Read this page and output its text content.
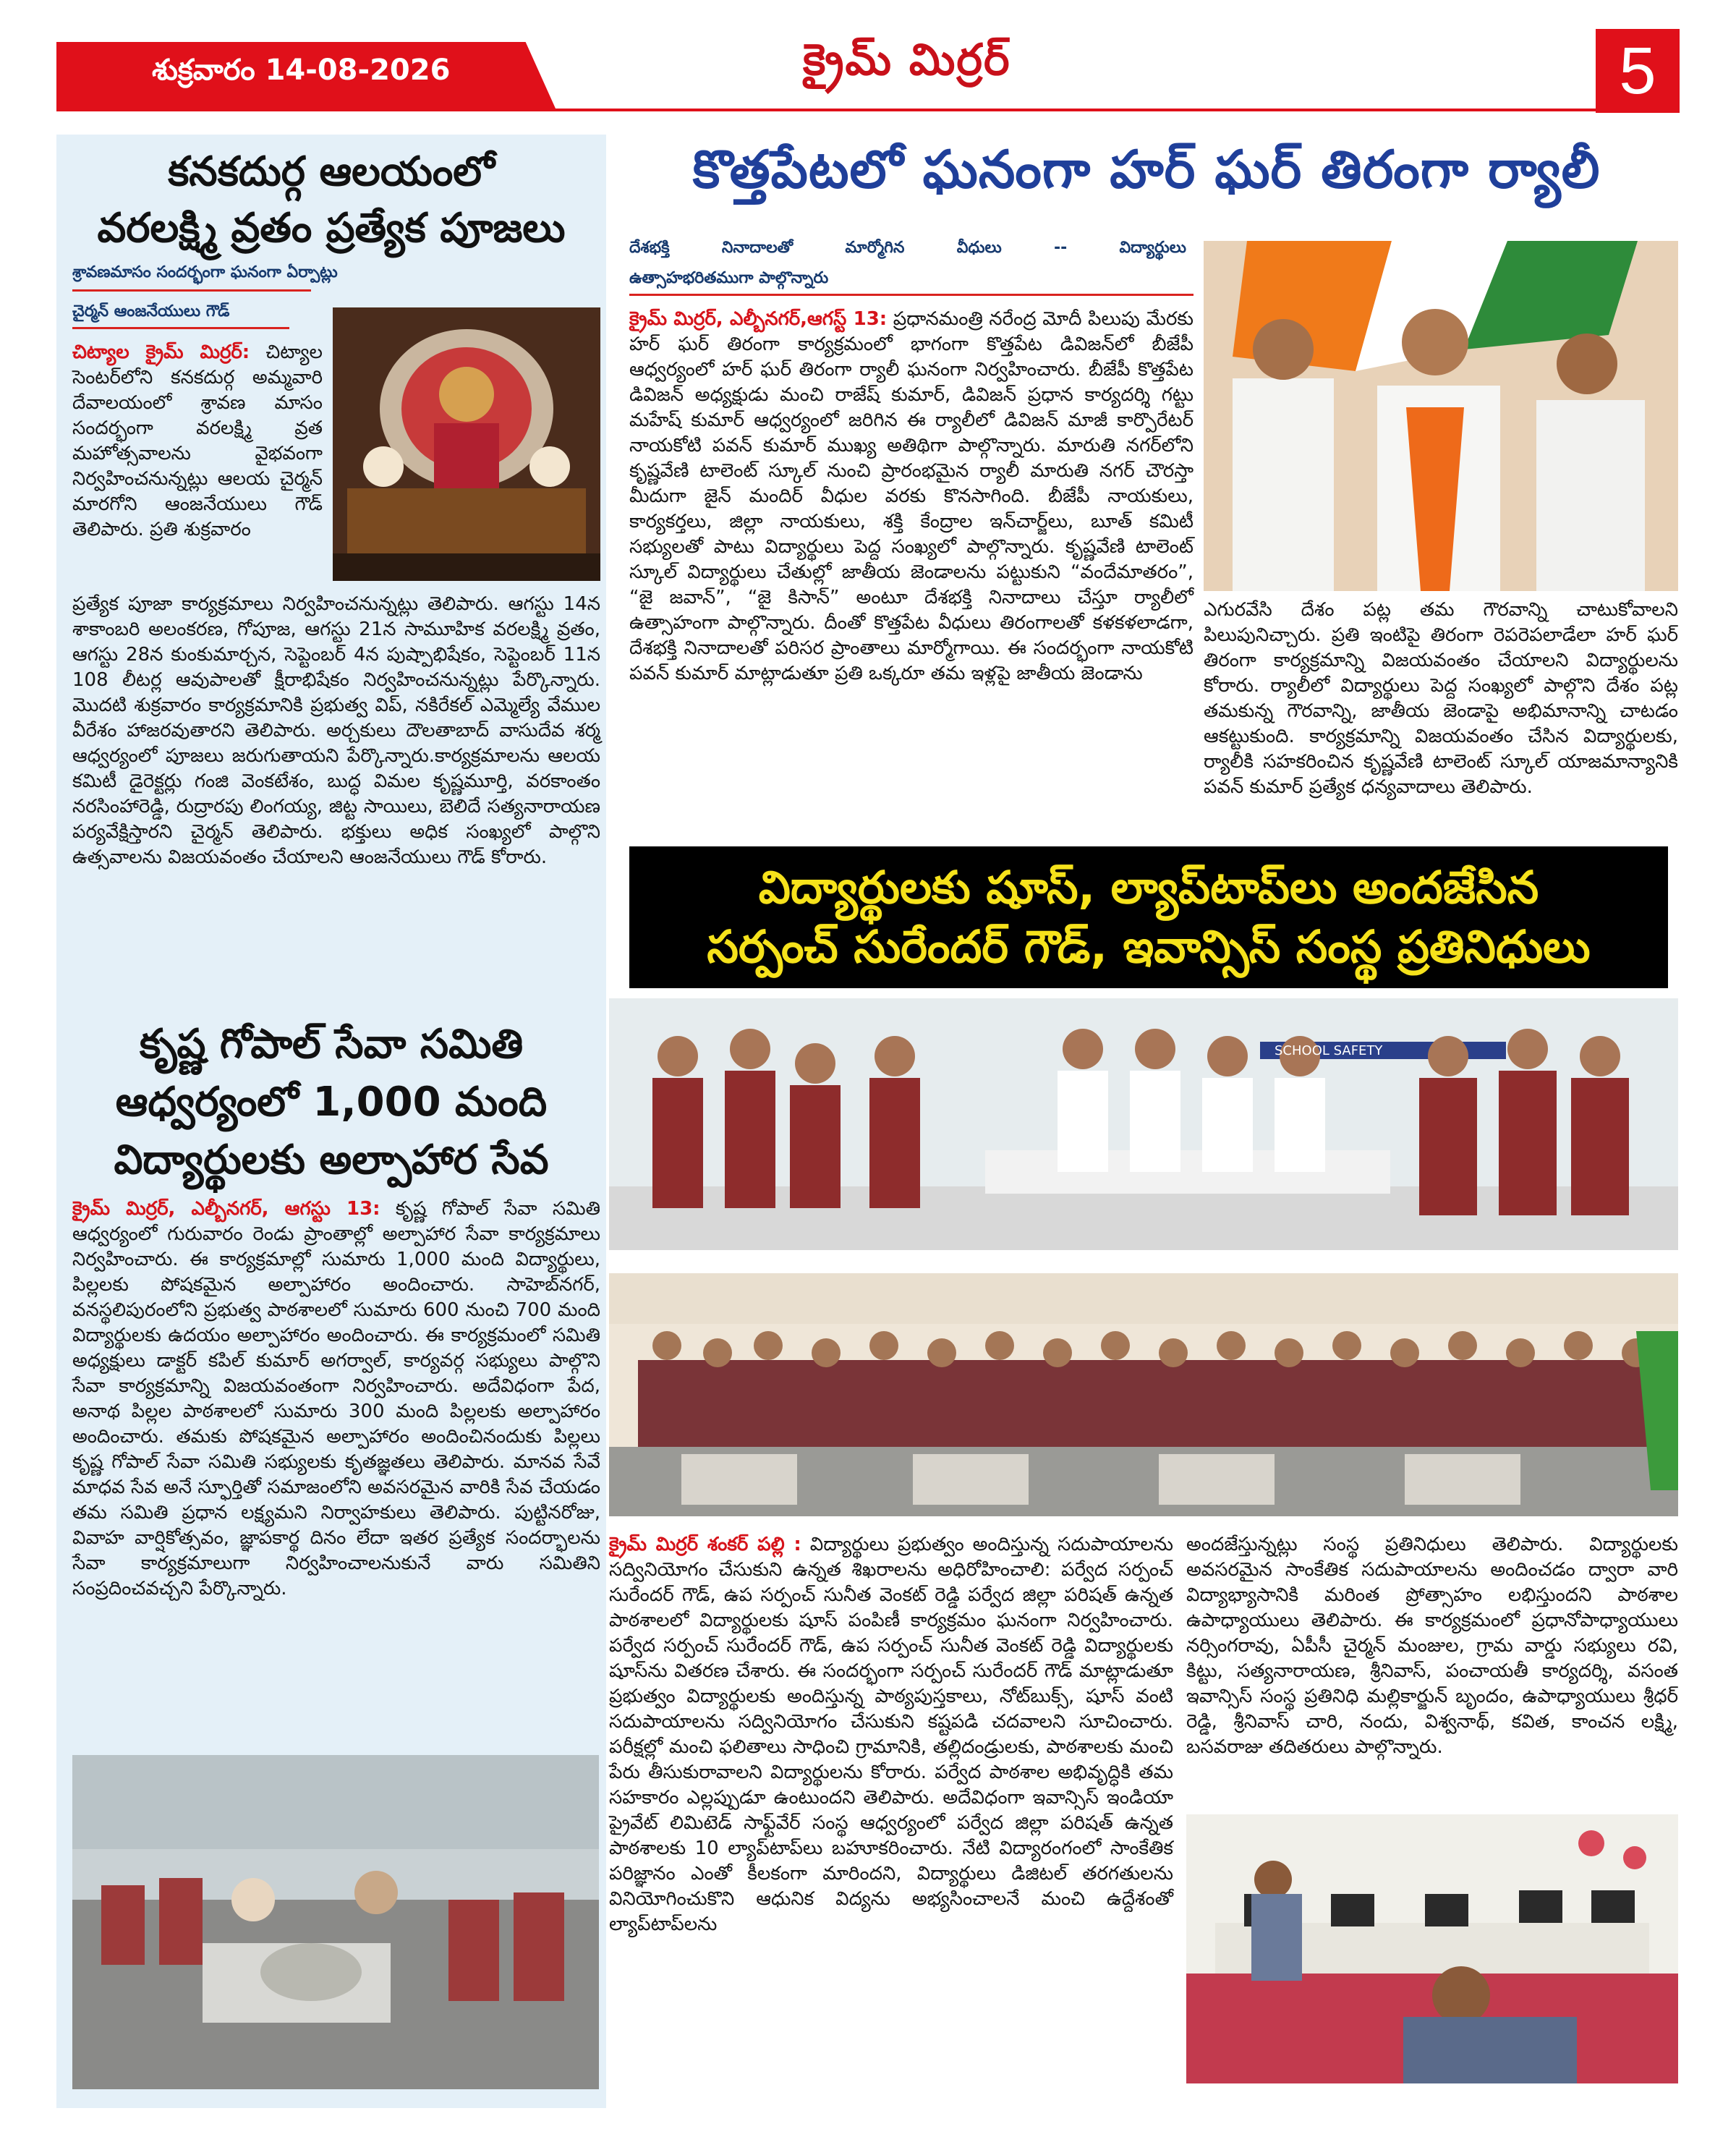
శుక్రవారం 14-08-2026	క్రైమ్ మిర్రర్	5
కనకదుర్గ ఆలయంలో
వరలక్ష్మి వ్రతం ప్రత్యేక పూజలు
శ్రావణమాసం సందర్భంగా ఘనంగా ఏర్పాట్లు
చైర్మన్ ఆంజనేయులు గౌడ్
చిట్యాల క్రైమ్ మిర్రర్: చిట్యాల సెంటర్‌లోని కనకదుర్గ అమ్మవారి దేవాలయంలో శ్రావణ మాసం సందర్భంగా వరలక్ష్మి వ్రత మహోత్సవాలను వైభవంగా నిర్వహించనున్నట్లు ఆలయ చైర్మన్ మారగోని ఆంజనేయులు గౌడ్ తెలిపారు. ప్రతి శుక్రవారం
ప్రత్యేక పూజా కార్యక్రమాలు నిర్వహించనున్నట్లు తెలిపారు. ఆగస్టు 14న శాకాంబరి అలంకరణ, గోపూజ, ఆగస్టు 21న సామూహిక వరలక్ష్మి వ్రతం, ఆగస్టు 28న కుంకుమార్చన, సెప్టెంబర్ 4న పుష్పాభిషేకం, సెప్టెంబర్ 11న 108 లీటర్ల ఆవుపాలతో క్షీరాభిషేకం నిర్వహించనున్నట్లు పేర్కొన్నారు. మొదటి శుక్రవారం కార్యక్రమానికి ప్రభుత్వ విప్, నకిరేకల్ ఎమ్మెల్యే వేముల వీరేశం హాజరవుతారని తెలిపారు. అర్చకులు దౌలతాబాద్ వాసుదేవ శర్మ ఆధ్వర్యంలో పూజలు జరుగుతాయని పేర్కొన్నారు.కార్యక్రమాలను ఆలయ కమిటీ డైరెక్టర్లు గంజి వెంకటేశం, బుద్ధ విమల కృష్ణమూర్తి, వరకాంతం నరసింహారెడ్డి, రుద్రారపు లింగయ్య, జిట్ట సాయిలు, బెలిదే సత్యనారాయణ పర్యవేక్షిస్తారని చైర్మన్ తెలిపారు. భక్తులు అధిక సంఖ్యలో పాల్గొని ఉత్సవాలను విజయవంతం చేయాలని ఆంజనేయులు గౌడ్ కోరారు.
కృష్ణ గోపాల్ సేవా సమితి
ఆధ్వర్యంలో 1,000 మంది
విద్యార్థులకు అల్పాహార సేవ
క్రైమ్ మిర్రర్, ఎల్బీనగర్, ఆగస్టు 13: కృష్ణ గోపాల్ సేవా సమితి ఆధ్వర్యంలో గురువారం రెండు ప్రాంతాల్లో అల్పాహార సేవా కార్యక్రమాలు నిర్వహించారు. ఈ కార్యక్రమాల్లో సుమారు 1,000 మంది విద్యార్థులు, పిల్లలకు పోషకమైన అల్పాహారం అందించారు. సాహెబ్‌నగర్, వనస్థలిపురంలోని ప్రభుత్వ పాఠశాలలో సుమారు 600 నుంచి 700 మంది విద్యార్థులకు ఉదయం అల్పాహారం అందించారు. ఈ కార్యక్రమంలో సమితి అధ్యక్షులు డాక్టర్ కపిల్ కుమార్ అగర్వాల్, కార్యవర్గ సభ్యులు పాల్గొని సేవా కార్యక్రమాన్ని విజయవంతంగా నిర్వహించారు. అదేవిధంగా పేద, అనాథ పిల్లల పాఠశాలలో సుమారు 300 మంది పిల్లలకు అల్పాహారం అందించారు. తమకు పోషకమైన అల్పాహారం అందించినందుకు పిల్లలు కృష్ణ గోపాల్ సేవా సమితి సభ్యులకు కృతజ్ఞతలు తెలిపారు. మానవ సేవే మాధవ సేవ అనే స్ఫూర్తితో సమాజంలోని అవసరమైన వారికి సేవ చేయడం తమ సమితి ప్రధాన లక్ష్యమని నిర్వాహకులు తెలిపారు. పుట్టినరోజు, వివాహ వార్షికోత్సవం, జ్ఞాపకార్థ దినం లేదా ఇతర ప్రత్యేక సందర్భాలను సేవా కార్యక్రమాలుగా నిర్వహించాలనుకునే వారు సమితిని సంప్రదించవచ్చని పేర్కొన్నారు.
కొత్తపేటలో ఘనంగా హర్ ఘర్ తిరంగా ర్యాలీ
దేశభక్తి నినాదాలతో మార్మోగిన వీధులు -- విద్యార్థులు
ఉత్సాహభరితముగా పాల్గొన్నారు
క్రైమ్ మిర్రర్, ఎల్బీనగర్,ఆగస్ట్ 13: ప్రధానమంత్రి నరేంద్ర మోదీ పిలుపు మేరకు హర్ ఘర్ తిరంగా కార్యక్రమంలో భాగంగా కొత్తపేట డివిజన్‌లో బీజేపీ ఆధ్వర్యంలో హర్ ఘర్ తిరంగా ర్యాలీ ఘనంగా నిర్వహించారు. బీజేపీ కొత్తపేట డివిజన్ అధ్యక్షుడు మంచి రాజేష్ కుమార్, డివిజన్ ప్రధాన కార్యదర్శి గట్టు మహేష్ కుమార్ ఆధ్వర్యంలో జరిగిన ఈ ర్యాలీలో డివిజన్ మాజీ కార్పొరేటర్ నాయకోటి పవన్ కుమార్ ముఖ్య అతిథిగా పాల్గొన్నారు. మారుతి నగర్‌లోని కృష్ణవేణి టాలెంట్ స్కూల్ నుంచి ప్రారంభమైన ర్యాలీ మారుతి నగర్ చౌరస్తా మీదుగా జైన్ మందిర్ వీధుల వరకు కొనసాగింది. బీజేపీ నాయకులు, కార్యకర్తలు, జిల్లా నాయకులు, శక్తి కేంద్రాల ఇన్‌చార్జ్‌లు, బూత్ కమిటీ సభ్యులతో పాటు విద్యార్థులు పెద్ద సంఖ్యలో పాల్గొన్నారు. కృష్ణవేణి టాలెంట్ స్కూల్ విద్యార్థులు చేతుల్లో జాతీయ జెండాలను పట్టుకుని “వందేమాతరం”, “జై జవాన్”, “జై కిసాన్” అంటూ దేశభక్తి నినాదాలు చేస్తూ ర్యాలీలో ఉత్సాహంగా పాల్గొన్నారు. దీంతో కొత్తపేట వీధులు తిరంగాలతో కళకళలాడగా, దేశభక్తి నినాదాలతో పరిసర ప్రాంతాలు మార్మోగాయి. ఈ సందర్భంగా నాయకోటి పవన్ కుమార్ మాట్లాడుతూ ప్రతి ఒక్కరూ తమ ఇళ్లపై జాతీయ జెండాను
ఎగురవేసి దేశం పట్ల తమ గౌరవాన్ని చాటుకోవాలని పిలుపునిచ్చారు. ప్రతి ఇంటిపై తిరంగా రెపరెపలాడేలా హర్ ఘర్ తిరంగా కార్యక్రమాన్ని విజయవంతం చేయాలని విద్యార్థులను కోరారు. ర్యాలీలో విద్యార్థులు పెద్ద సంఖ్యలో పాల్గొని దేశం పట్ల తమకున్న గౌరవాన్ని, జాతీయ జెండాపై అభిమానాన్ని చాటడం ఆకట్టుకుంది. కార్యక్రమాన్ని విజయవంతం చేసిన విద్యార్థులకు, ర్యాలీకి సహకరించిన కృష్ణవేణి టాలెంట్ స్కూల్ యాజమాన్యానికి పవన్ కుమార్ ప్రత్యేక ధన్యవాదాలు తెలిపారు.
విద్యార్థులకు షూస్, ల్యాప్‌టాప్‌లు అందజేసిన
సర్పంచ్ సురేందర్ గౌడ్, ఇవాన్సిస్ సంస్థ ప్రతినిధులు
SCHOOL SAFETY
క్రైమ్ మిర్రర్ శంకర్ పల్లి : విద్యార్థులు ప్రభుత్వం అందిస్తున్న సదుపాయాలను సద్వినియోగం చేసుకుని ఉన్నత శిఖరాలను అధిరోహించాలి: పర్వేద సర్పంచ్ సురేందర్ గౌడ్, ఉప సర్పంచ్ సునీత వెంకట్ రెడ్డి పర్వేద జిల్లా పరిషత్ ఉన్నత పాఠశాలలో విద్యార్థులకు షూస్ పంపిణీ కార్యక్రమం ఘనంగా నిర్వహించారు. పర్వేద సర్పంచ్ సురేందర్ గౌడ్, ఉప సర్పంచ్ సునీత వెంకట్ రెడ్డి విద్యార్థులకు షూస్‌ను వితరణ చేశారు. ఈ సందర్భంగా సర్పంచ్ సురేందర్ గౌడ్ మాట్లాడుతూ ప్రభుత్వం విద్యార్థులకు అందిస్తున్న పాఠ్యపుస్తకాలు, నోట్‌బుక్స్, షూస్ వంటి సదుపాయాలను సద్వినియోగం చేసుకుని కష్టపడి చదవాలని సూచించారు. పరీక్షల్లో మంచి ఫలితాలు సాధించి గ్రామానికి, తల్లిదండ్రులకు, పాఠశాలకు మంచి పేరు తీసుకురావాలని విద్యార్థులను కోరారు. పర్వేద పాఠశాల అభివృద్ధికి తమ సహకారం ఎల్లప్పుడూ ఉంటుందని తెలిపారు. అదేవిధంగా ఇవాన్సిస్ ఇండియా ప్రైవేట్ లిమిటెడ్ సాఫ్ట్‌వేర్ సంస్థ ఆధ్వర్యంలో పర్వేద జిల్లా పరిషత్ ఉన్నత పాఠశాలకు 10 ల్యాప్‌టాప్‌లు బహూకరించారు. నేటి విద్యారంగంలో సాంకేతిక పరిజ్ఞానం ఎంతో కీలకంగా మారిందని, విద్యార్థులు డిజిటల్ తరగతులను వినియోగించుకొని ఆధునిక విద్యను అభ్యసించాలనే మంచి ఉద్దేశంతో ల్యాప్‌టాప్‌లను
అందజేస్తున్నట్లు సంస్థ ప్రతినిధులు తెలిపారు. విద్యార్థులకు అవసరమైన సాంకేతిక సదుపాయాలను అందించడం ద్వారా వారి విద్యాభ్యాసానికి మరింత ప్రోత్సాహం లభిస్తుందని పాఠశాల ఉపాధ్యాయులు తెలిపారు. ఈ కార్యక్రమంలో ప్రధానోపాధ్యాయులు నర్సింగరావు, ఏపీసీ చైర్మన్ మంజుల, గ్రామ వార్డు సభ్యులు రవి, కిట్టు, సత్యనారాయణ, శ్రీనివాస్, పంచాయతీ కార్యదర్శి, వసంత ఇవాన్సిస్ సంస్థ ప్రతినిధి మల్లికార్జున్ బృందం, ఉపాధ్యాయులు శ్రీధర్ రెడ్డి, శ్రీనివాస్ చారి, నందు, విశ్వనాథ్, కవిత, కాంచన లక్ష్మి, బసవరాజు తదితరులు పాల్గొన్నారు.
